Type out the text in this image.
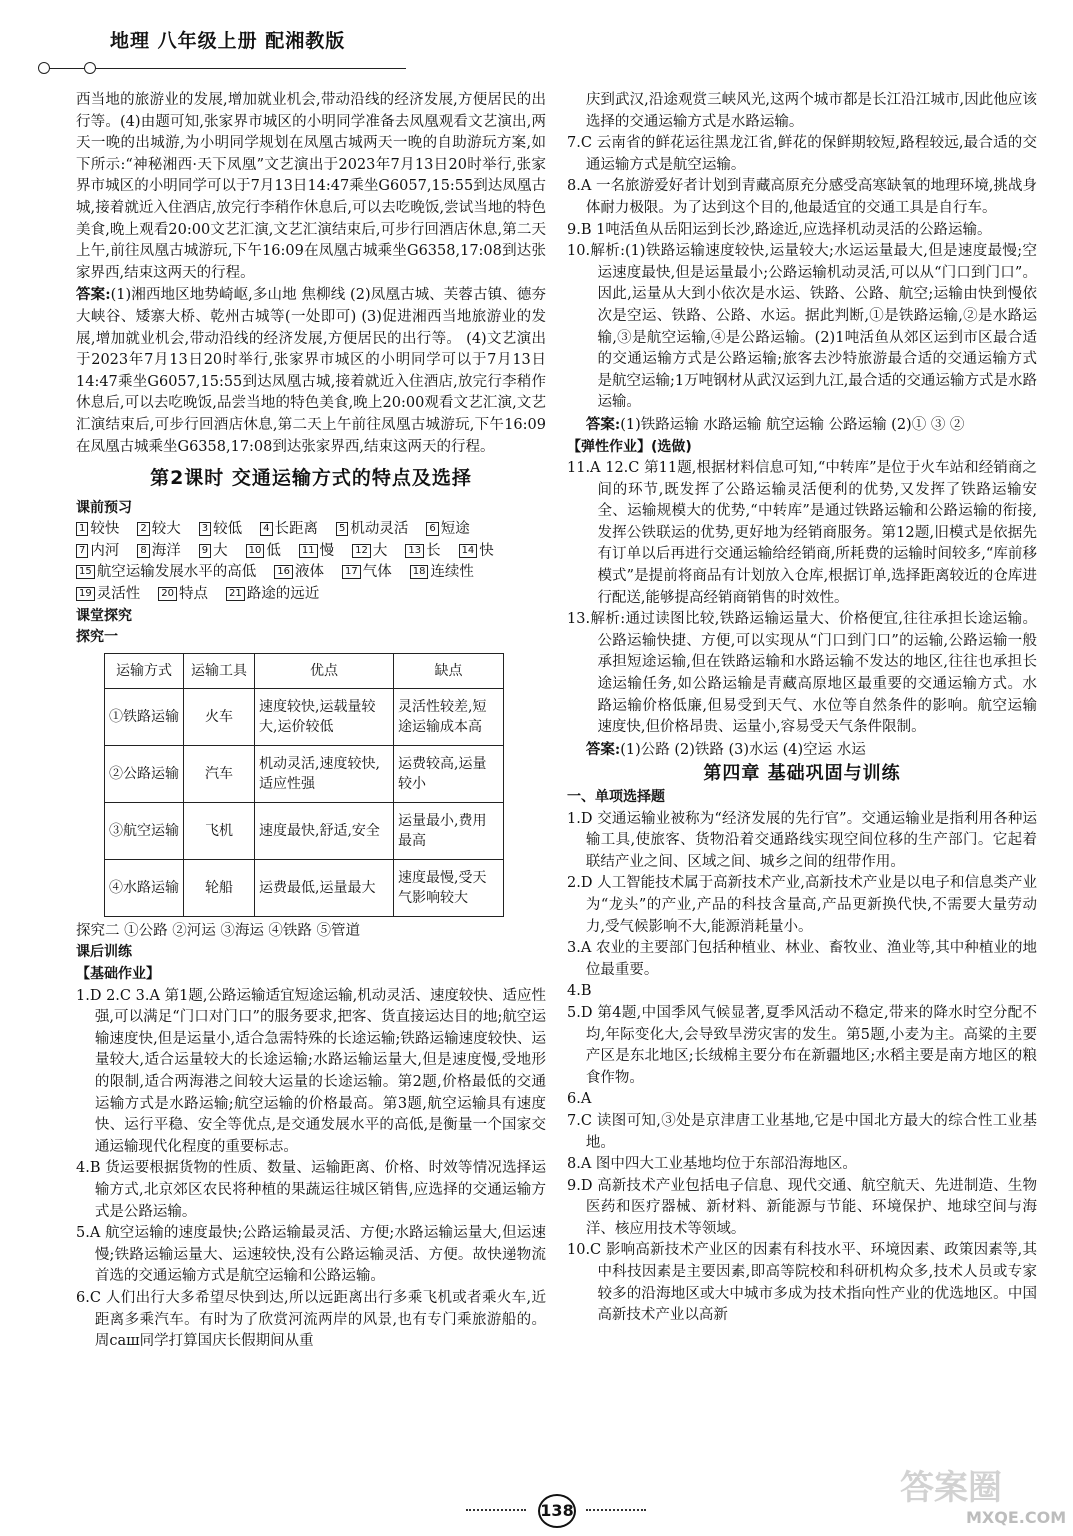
地理 八年级上册 配湘教版

西当地的旅游业的发展,增加就业机会,带动沿线的经济发展,方便居民的出行等。(4)由题可知,张家界市城区的小明同学准备去凤凰观看文艺演出,两天一晚的出城游,为小明同学规划在凤凰古城两天一晚的自助游玩方案,如下所示:“神秘湘西·天下凤凰”文艺演出于2023年7月13日20时举行,张家界市城区的小明同学可以于7月13日14:47乘坐G6057,15:55到达凤凰古城,接着就近入住酒店,放完行李稍作休息后,可以去吃晚饭,尝试当地的特色美食,晚上观看20:00文艺汇演,文艺汇演结束后,可步行回酒店休息,第二天上午,前往凤凰古城游玩,下午16:09在凤凰古城乘坐G6358,17:08到达张家界西,结束这两天的行程。

答案:(1)湘西地区地势崎岖,多山地 焦柳线 (2)凤凰古城、芙蓉古镇、德夯大峡谷、矮寨大桥、乾州古城等(一处即可) (3)促进湘西当地旅游业的发展,增加就业机会,带动沿线的经济发展,方便居民的出行等。 (4)文艺演出于2023年7月13日20时举行,张家界市城区的小明同学可以于7月13日14:47乘坐G6057,15:55到达凤凰古城,接着就近入住酒店,放完行李稍作休息后,可以去吃晚饭,品尝当地的特色美食,晚上20:00观看文艺汇演,文艺汇演结束后,可步行回酒店休息,第二天上午前往凤凰古城游玩,下午16:09在凤凰古城乘坐G6358,17:08到达张家界西,结束这两天的行程。

第2课时 交通运输方式的特点及选择

课前预习

1 较快	2 较大	3 较低	4 长距离	5 机动灵活	6 短途
7 内河	8 海洋	9 大	10 低	11 慢	12 大	13 长	14 快
15 航空运输发展水平的高低	16 液体	17 气体	18 连续性
19 灵活性	20 特点	21 路途的远近

课堂探究

探究一

运输方式	运输工具	优点	缺点
①铁路运输	火车	速度较快,运载量较大,运价较低	灵活性较差,短途运输成本高
②公路运输	汽车	机动灵活,速度较快,适应性强	运费较高,运量较小
③航空运输	飞机	速度最快,舒适,安全	运量最小,费用最高
④水路运输	轮船	运费最低,运量最大	速度最慢,受天气影响较大

探究二 ①公路 ②河运 ③海运 ④铁路 ⑤管道

课后训练

【基础作业】

1.D 2.C 3.A 第1题,公路运输适宜短途运输,机动灵活、速度较快、适应性强,可以满足“门口对门口”的服务要求,把客、货直接运达目的地;航空运输速度快,但是运量小,适合急需特殊的长途运输;铁路运输速度较快、运量较大,适合运量较大的长途运输;水路运输运量大,但是速度慢,受地形的限制,适合两海港之间较大运量的长途运输。第2题,价格最低的交通运输方式是水路运输;航空运输的价格最高。第3题,航空运输具有速度快、运行平稳、安全等优点,是交通发展水平的高低,是衡量一个国家交通运输现代化程度的重要标志。

4.B 货运要根据货物的性质、数量、运输距离、价格、时效等情况选择运输方式,北京郊区农民将种植的果蔬运往城区销售,应选择的交通运输方式是公路运输。

5.A 航空运输的速度最快;公路运输最灵活、方便;水路运输运量大,但运速慢;铁路运输运量大、运速较快,没有公路运输灵活、方便。故快递物流首选的交通运输方式是航空运输和公路运输。

6.C 人们出行大多希望尽快到达,所以远距离出行多乘飞机或者乘火车,近距离多乘汽车。有时为了欣赏河流两岸的风景,也有专门乘旅游船的。周саш同学打算国庆长假期间从重

庆到武汉,沿途观赏三峡风光,这两个城市都是长江沿江城市,因此他应该选择的交通运输方式是水路运输。

7.C 云南省的鲜花运往黑龙江省,鲜花的保鲜期较短,路程较远,最合适的交通运输方式是航空运输。

8.A 一名旅游爱好者计划到青藏高原充分感受高寒缺氧的地理环境,挑战身体耐力极限。为了达到这个目的,他最适宜的交通工具是自行车。

9.B 1吨活鱼从岳阳运到长沙,路途近,应选择机动灵活的公路运输。

10.解析:(1)铁路运输速度较快,运量较大;水运运量最大,但是速度最慢;空运速度最快,但是运量最小;公路运输机动灵活,可以从“门口到门口”。因此,运量从大到小依次是水运、铁路、公路、航空;运输由快到慢依次是空运、铁路、公路、水运。据此判断,①是铁路运输,②是水路运输,③是航空运输,④是公路运输。(2)1吨活鱼从郊区运到市区最合适的交通运输方式是公路运输;旅客去沙特旅游最合适的交通运输方式是航空运输;1万吨钢材从武汉运到九江,最合适的交通运输方式是水路运输。

答案:(1)铁路运输 水路运输 航空运输 公路运输 (2)① ③ ②

【弹性作业】(选做)

11.A 12.C 第11题,根据材料信息可知,“中转库”是位于火车站和经销商之间的环节,既发挥了公路运输灵活便利的优势,又发挥了铁路运输安全、运输规模大的优势,“中转库”是通过铁路运输和公路运输的衔接,发挥公铁联运的优势,更好地为经销商服务。第12题,旧模式是依据先有订单以后再进行交通运输给经销商,所耗费的运输时间较多,“库前移模式”是提前将商品有计划放入仓库,根据订单,选择距离较近的仓库进行配送,能够提高经销商销售的时效性。

13.解析:通过读图比较,铁路运输运量大、价格便宜,往往承担长途运输。公路运输快捷、方便,可以实现从“门口到门口”的运输,公路运输一般承担短途运输,但在铁路运输和水路运输不发达的地区,往往也承担长途运输任务,如公路运输是青藏高原地区最重要的交通运输方式。水路运输价格低廉,但易受到天气、水位等自然条件的影响。航空运输速度快,但价格昂贵、运量小,容易受天气条件限制。

答案:(1)公路 (2)铁路 (3)水运 (4)空运 水运

第四章 基础巩固与训练

一、单项选择题

1.D 交通运输业被称为“经济发展的先行官”。交通运输业是指利用各种运输工具,使旅客、货物沿着交通路线实现空间位移的生产部门。它起着联结产业之间、区域之间、城乡之间的纽带作用。

2.D 人工智能技术属于高新技术产业,高新技术产业是以电子和信息类产业为“龙头”的产业,产品的科技含量高,产品更新换代快,不需要大量劳动力,受气候影响不大,能源消耗量小。

3.A 农业的主要部门包括种植业、林业、畜牧业、渔业等,其中种植业的地位最重要。

4.B

5.D 第4题,中国季风气候显著,夏季风活动不稳定,带来的降水时空分配不均,年际变化大,会导致旱涝灾害的发生。第5题,小麦为主。高粱的主要产区是东北地区;长绒棉主要分布在新疆地区;水稻主要是南方地区的粮食作物。

6.A

7.C 读图可知,③处是京津唐工业基地,它是中国北方最大的综合性工业基地。

8.A 图中四大工业基地均位于东部沿海地区。

9.D 高新技术产业包括电子信息、现代交通、航空航天、先进制造、生物医药和医疗器械、新材料、新能源与节能、环境保护、地球空间与海洋、核应用技术等领域。

10.C 影响高新技术产业区的因素有科技水平、环境因素、政策因素等,其中科技因素是主要因素,即高等院校和科研机构众多,技术人员或专家较多的沿海地区或大中城市多成为技术指向性产业的优选地区。中国高新技术产业以高新

138
答案圈
MXQE.COM
